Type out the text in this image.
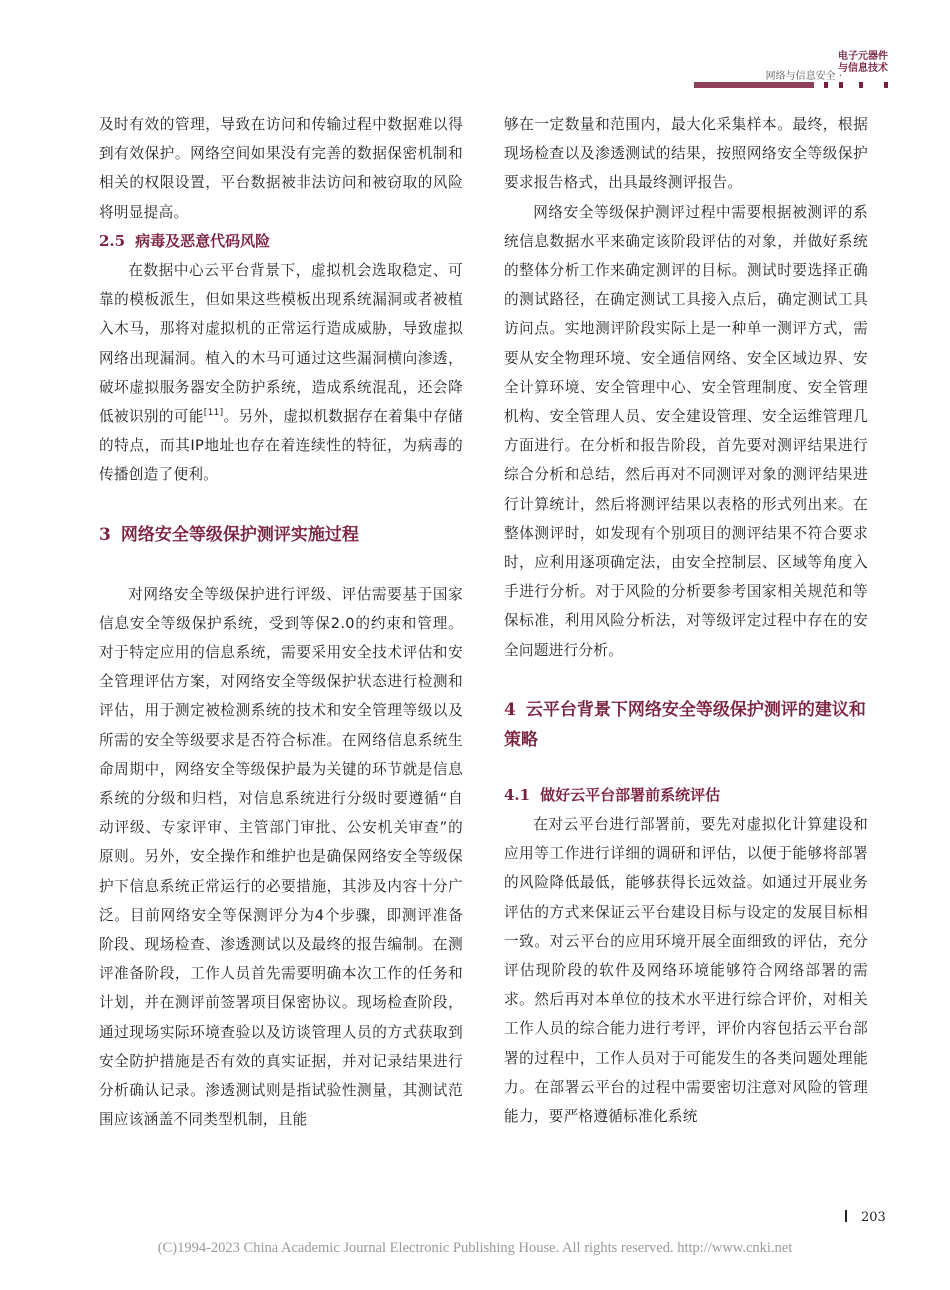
电子元器件
与信息技术
网络与信息安全 ·

及时有效的管理，导致在访问和传输过程中数据难以得到有效保护。网络空间如果没有完善的数据保密机制和相关的权限设置，平台数据被非法访问和被窃取的风险将明显提高。

2.5 病毒及恶意代码风险

在数据中心云平台背景下，虚拟机会选取稳定、可靠的模板派生，但如果这些模板出现系统漏洞或者被植入木马，那将对虚拟机的正常运行造成威胁，导致虚拟网络出现漏洞。植入的木马可通过这些漏洞横向渗透，破坏虚拟服务器安全防护系统，造成系统混乱，还会降低被识别的可能[11]。另外，虚拟机数据存在着集中存储的特点，而其IP地址也存在着连续性的特征，为病毒的传播创造了便利。

3 网络安全等级保护测评实施过程

对网络安全等级保护进行评级、评估需要基于国家信息安全等级保护系统，受到等保2.0的约束和管理。对于特定应用的信息系统，需要采用安全技术评估和安全管理评估方案，对网络安全等级保护状态进行检测和评估，用于测定被检测系统的技术和安全管理等级以及所需的安全等级要求是否符合标准。在网络信息系统生命周期中，网络安全等级保护最为关键的环节就是信息系统的分级和归档，对信息系统进行分级时要遵循“自动评级、专家评审、主管部门审批、公安机关审查”的原则。另外，安全操作和维护也是确保网络安全等级保护下信息系统正常运行的必要措施，其涉及内容十分广泛。目前网络安全等保测评分为4个步骤，即测评准备阶段、现场检查、渗透测试以及最终的报告编制。在测评准备阶段，工作人员首先需要明确本次工作的任务和计划，并在测评前签署项目保密协议。现场检查阶段，通过现场实际环境查验以及访谈管理人员的方式获取到安全防护措施是否有效的真实证据，并对记录结果进行分析确认记录。渗透测试则是指试验性测量，其测试范围应该涵盖不同类型机制，且能

够在一定数量和范围内，最大化采集样本。最终，根据现场检查以及渗透测试的结果，按照网络安全等级保护要求报告格式，出具最终测评报告。

网络安全等级保护测评过程中需要根据被测评的系统信息数据水平来确定该阶段评估的对象，并做好系统的整体分析工作来确定测评的目标。测试时要选择正确的测试路径，在确定测试工具接入点后，确定测试工具访问点。实地测评阶段实际上是一种单一测评方式，需要从安全物理环境、安全通信网络、安全区域边界、安全计算环境、安全管理中心、安全管理制度、安全管理机构、安全管理人员、安全建设管理、安全运维管理几方面进行。在分析和报告阶段，首先要对测评结果进行综合分析和总结，然后再对不同测评对象的测评结果进行计算统计，然后将测评结果以表格的形式列出来。在整体测评时，如发现有个别项目的测评结果不符合要求时，应利用逐项确定法，由安全控制层、区域等角度入手进行分析。对于风险的分析要参考国家相关规范和等保标准，利用风险分析法，对等级评定过程中存在的安全问题进行分析。

4 云平台背景下网络安全等级保护测评的建议和策略
4.1 做好云平台部署前系统评估

在对云平台进行部署前，要先对虚拟化计算建设和应用等工作进行详细的调研和评估，以便于能够将部署的风险降低最低，能够获得长远效益。如通过开展业务评估的方式来保证云平台建设目标与设定的发展目标相一致。对云平台的应用环境开展全面细致的评估，充分评估现阶段的软件及网络环境能够符合网络部署的需求。然后再对本单位的技术水平进行综合评价，对相关工作人员的综合能力进行考评，评价内容包括云平台部署的过程中，工作人员对于可能发生的各类问题处理能力。在部署云平台的过程中需要密切注意对风险的管理能力，要严格遵循标准化系统

203
(C)1994-2023 China Academic Journal Electronic Publishing House. All rights reserved. http://www.cnki.net
